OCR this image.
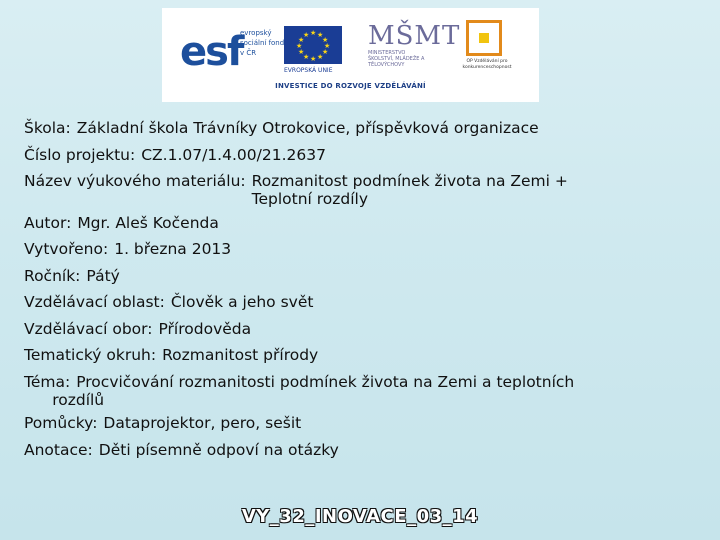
esf
evropský sociální fond v ČR
★ ★
★
★
★
★
★
★
★
★
★
★
EVROPSKÁ UNIE
MŠMT
MINISTERSTVO ŠKOLSTVÍ, MLÁDEŽE A TĚLOVÝCHOVY
OP Vzdělávání pro konkurenceschopnost
INVESTICE DO ROZVOJE VZDĚLÁVÁNÍ
Škola: Základní škola Trávníky Otrokovice, příspěvková organizace
Číslo projektu: CZ.1.07/1.4.00/21.2637
Název výukového materiálu: Rozmanitost podmínek života na Zemi +
Teplotní rozdíly
Autor: Mgr. Aleš Kočenda
Vytvořeno: 1. března 2013
Ročník: Pátý
Vzdělávací oblast: Člověk a jeho svět
Vzdělávací obor: Přírodověda
Tematický okruh: Rozmanitost přírody
Téma: Procvičování rozmanitosti podmínek života na Zemi a teplotních
rozdílů
Pomůcky: Dataprojektor, pero, sešit
Anotace: Děti písemně odpoví na otázky
VY_32_INOVACE_03_14
